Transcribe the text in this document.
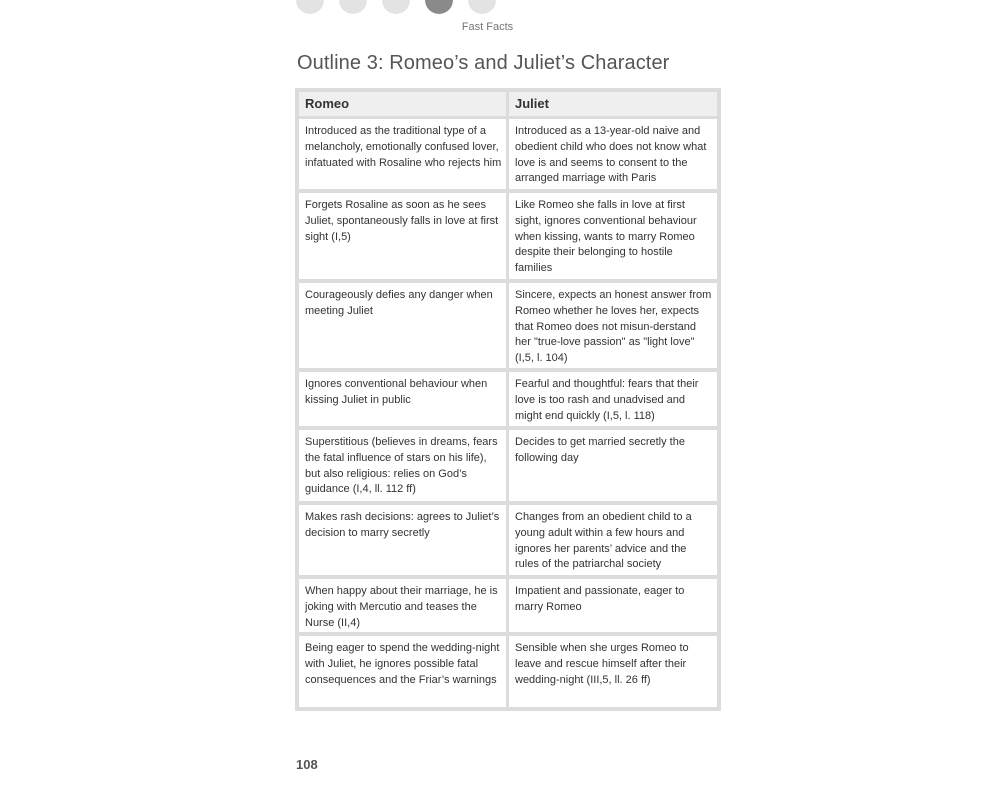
Fast Facts
Outline 3: Romeo’s and Juliet’s Character
Romeo	Juliet
Introduced as the traditional type of a melancholy, emotionally confused lover, infatuated with Rosaline who rejects him
Introduced as a 13-year-old naive and obedient child who does not know what love is and seems to consent to the arranged marriage with Paris
Forgets Rosaline as soon as he sees Juliet, spontaneously falls in love at first sight (I,5)
Like Romeo she falls in love at first sight, ignores conventional behaviour when kissing, wants to marry Romeo despite their belonging to hostile families
Courageously defies any danger when meeting Juliet
Sincere, expects an honest answer from Romeo whether he loves her, expects that Romeo does not misun-derstand her "true-love passion" as "light love" (I,5, l. 104)
Ignores conventional behaviour when kissing Juliet in public
Fearful and thoughtful: fears that their love is too rash and unadvised and might end quickly (I,5, l. 118)
Superstitious (believes in dreams, fears the fatal influence of stars on his life), but also religious: relies on God’s guidance (I,4, ll. 112 ff)
Decides to get married secretly the following day
Makes rash decisions: agrees to Juliet’s decision to marry secretly
Changes from an obedient child to a young adult within a few hours and ignores her parents’ advice and the rules of the patriarchal society
When happy about their marriage, he is joking with Mercutio and teases the Nurse (II,4)
Impatient and passionate, eager to marry Romeo
Being eager to spend the wedding-night with Juliet, he ignores possible fatal consequences and the Friar’s warnings
Sensible when she urges Romeo to leave and rescue himself after their wedding-night (III,5, ll. 26 ff)
108
